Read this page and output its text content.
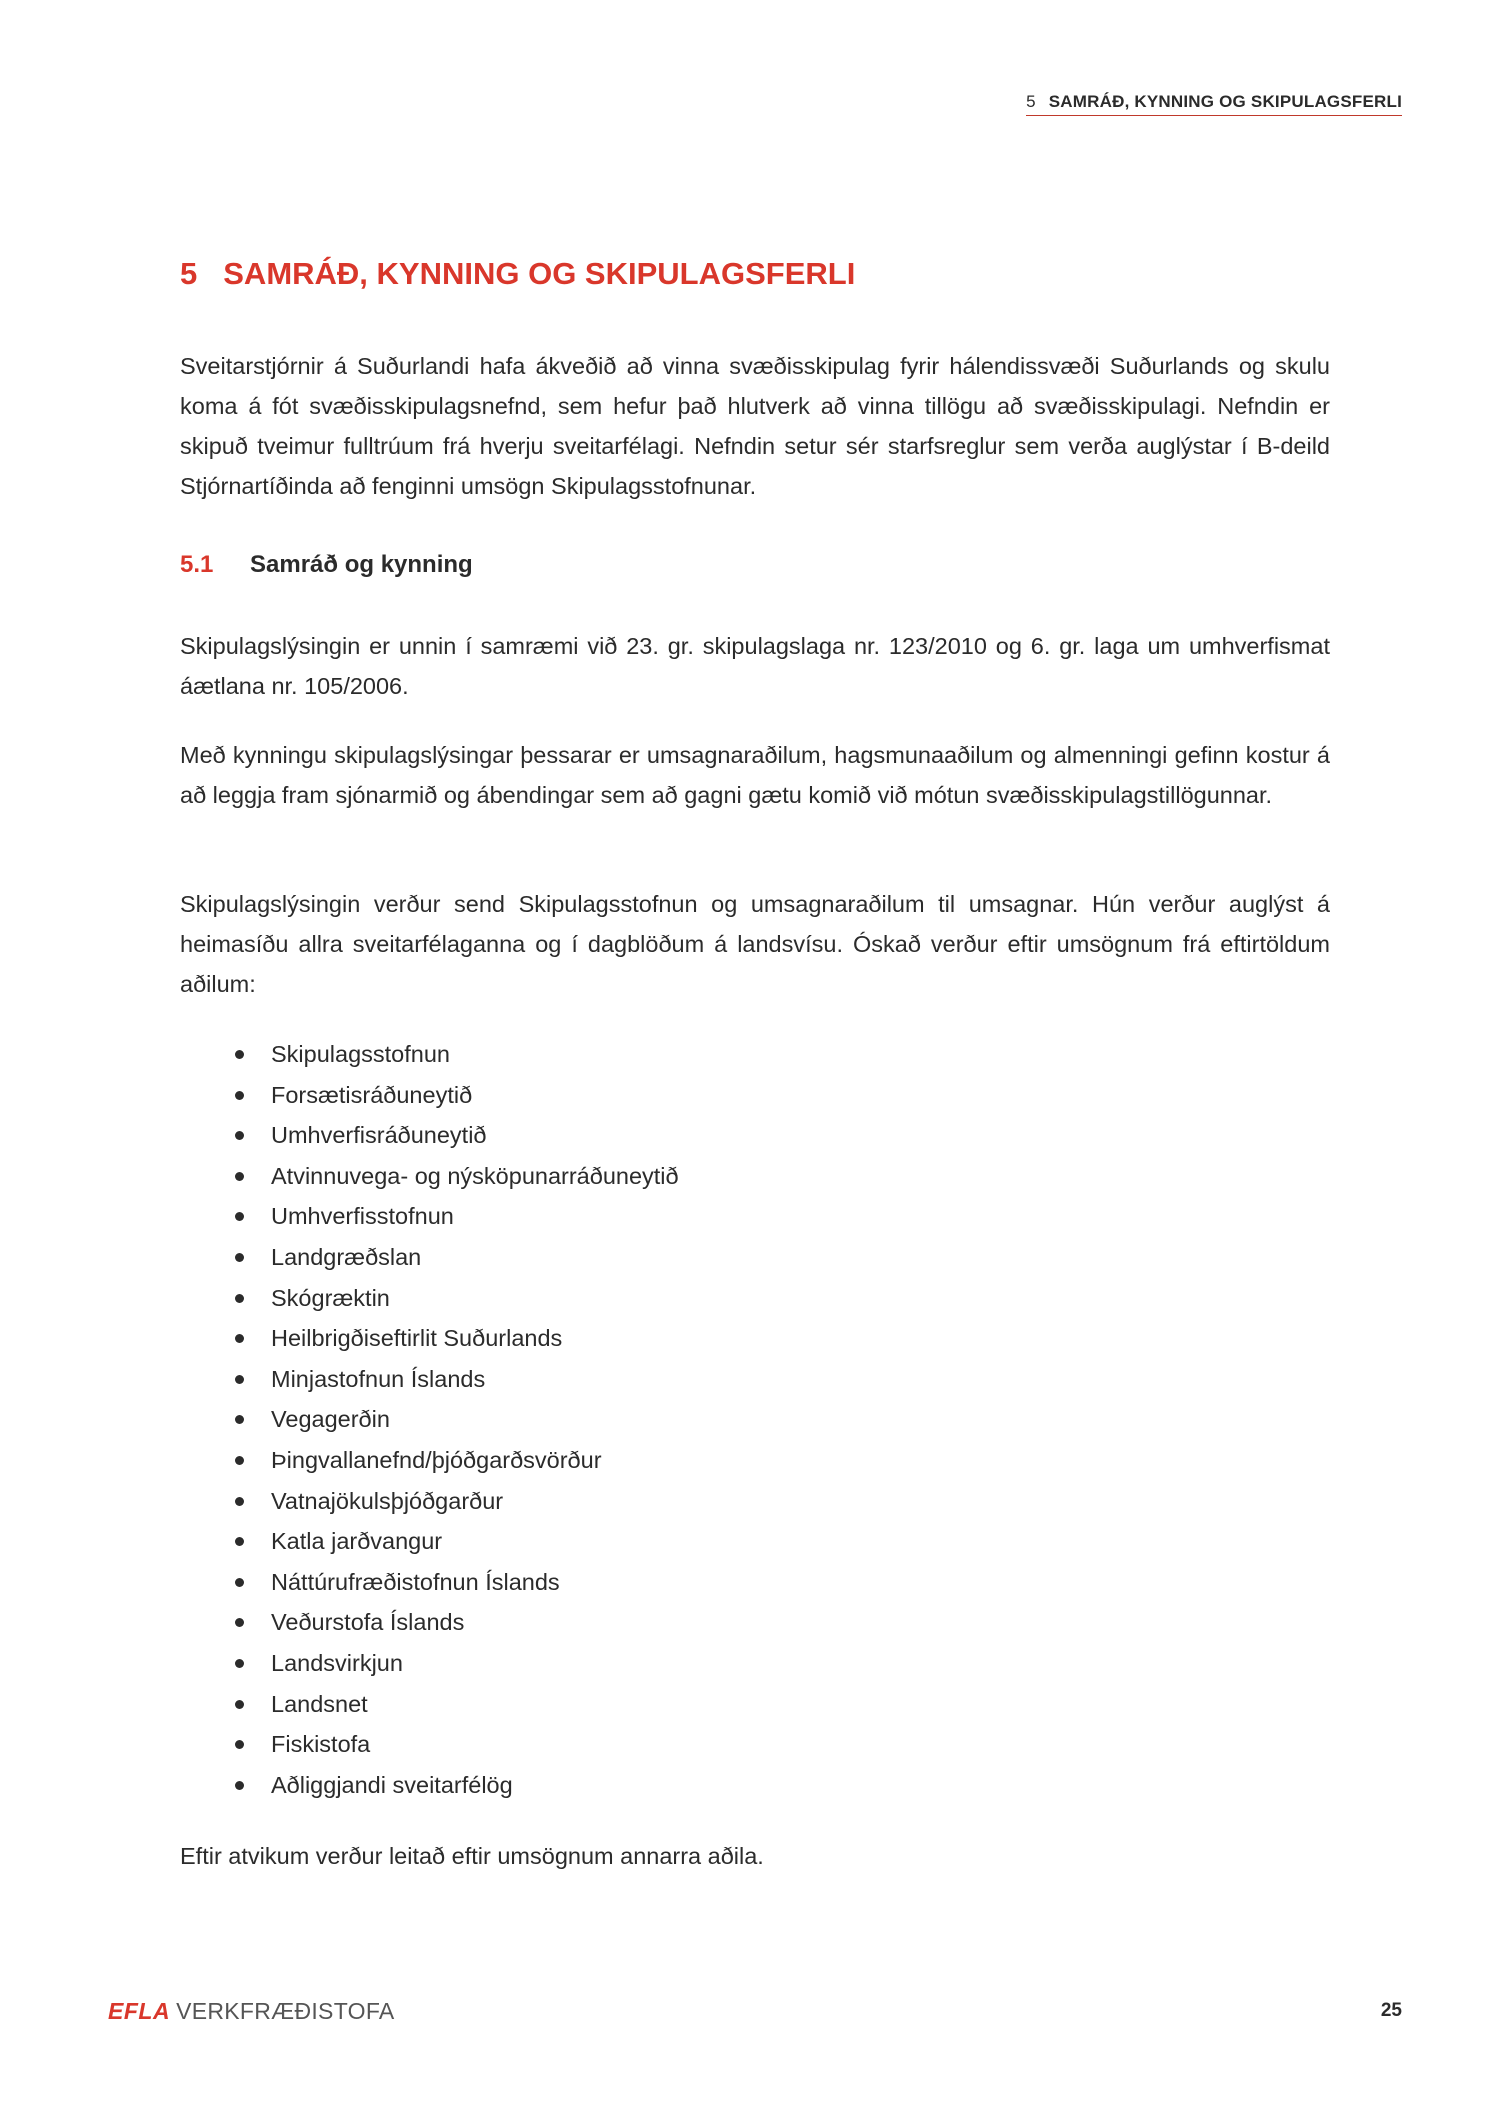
5 SAMRÁÐ, KYNNING OG SKIPULAGSFERLI
5 SAMRÁÐ, KYNNING OG SKIPULAGSFERLI

Sveitarstjórnir á Suðurlandi hafa ákveðið að vinna svæðisskipulag fyrir hálendissvæði Suðurlands og skulu koma á fót svæðisskipulagsnefnd, sem hefur það hlutverk að vinna tillögu að svæðisskipulagi. Nefndin er skipuð tveimur fulltrúum frá hverju sveitarfélagi. Nefndin setur sér starfsreglur sem verða auglýstar í B-deild Stjórnartíðinda að fenginni umsögn Skipulagsstofnunar.

5.1 Samráð og kynning

Skipulagslýsingin er unnin í samræmi við 23. gr. skipulagslaga nr. 123/2010 og 6. gr. laga um umhverfismat áætlana nr. 105/2006.

Með kynningu skipulagslýsingar þessarar er umsagnaraðilum, hagsmunaaðilum og almenningi gefinn kostur á að leggja fram sjónarmið og ábendingar sem að gagni gætu komið við mótun svæðisskipulagstillögunnar.

Skipulagslýsingin verður send Skipulagsstofnun og umsagnaraðilum til umsagnar. Hún verður auglýst á heimasíðu allra sveitarfélaganna og í dagblöðum á landsvísu. Óskað verður eftir umsögnum frá eftirtöldum aðilum:

Skipulagsstofnun
Forsætisráðuneytið
Umhverfisráðuneytið
Atvinnuvega- og nýsköpunarráðuneytið
Umhverfisstofnun
Landgræðslan
Skógræktin
Heilbrigðiseftirlit Suðurlands
Minjastofnun Íslands
Vegagerðin
Þingvallanefnd/þjóðgarðsvörður
Vatnajökulsþjóðgarður
Katla jarðvangur
Náttúrufræðistofnun Íslands
Veðurstofa Íslands
Landsvirkjun
Landsnet
Fiskistofa
Aðliggjandi sveitarfélög

Eftir atvikum verður leitað eftir umsögnum annarra aðila.

EFLA VERKFRÆÐISTOFA	25
